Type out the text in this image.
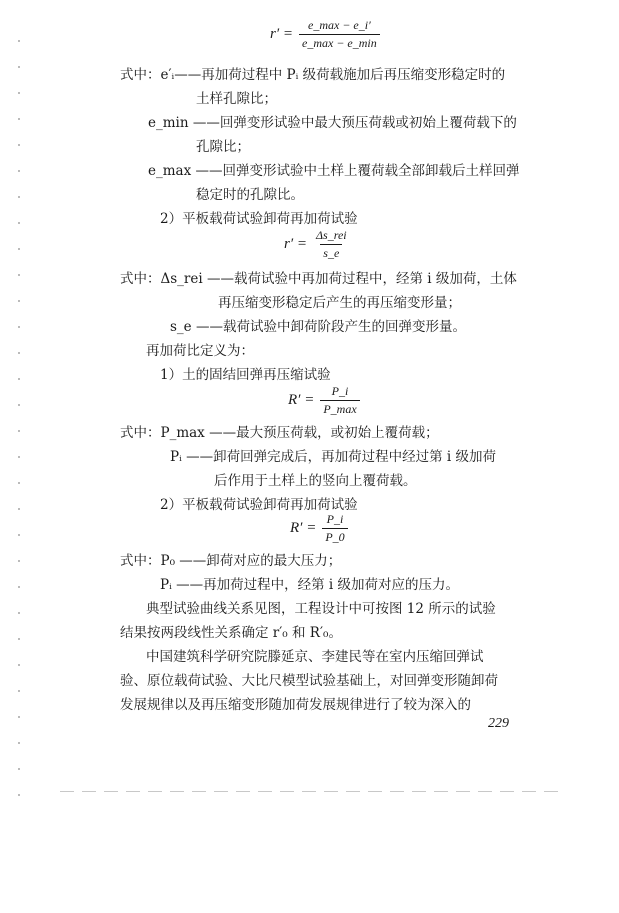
$r' = \frac{e\_\max - e\_i'}{e\_\max - e\_\min}$
式中：e′ᵢ——再加荷过程中 Pᵢ 级荷载施加后再压缩变形稳定时的
土样孔隙比；
e_min ——回弹变形试验中最大预压荷载或初始上覆荷载下的
孔隙比；
e_max ——回弹变形试验中土样上覆荷载全部卸载后土样回弹
稳定时的孔隙比。
2）平板载荷试验卸荷再加荷试验
$r' = \frac{\text{Δs\_rei}}{s\_e}$
式中：Δs_rei ——载荷试验中再加荷过程中，经第 i 级加荷，土体
再压缩变形稳定后产生的再压缩变形量；
s_e ——载荷试验中卸荷阶段产生的回弹变形量。
再加荷比定义为：
1）土的固结回弹再压缩试验
$R' = \frac{P\_i}{P\_\max}$
式中：P_max ——最大预压荷载，或初始上覆荷载；
Pᵢ ——卸荷回弹完成后，再加荷过程中经过第 i 级加荷
后作用于土样上的竖向上覆荷载。
2）平板载荷试验卸荷再加荷试验
$R' = \frac{P\_i}{P\_0}$
式中：P₀ ——卸荷对应的最大压力；
Pᵢ ——再加荷过程中，经第 i 级加荷对应的压力。
典型试验曲线关系见图，工程设计中可按图 12 所示的试验
结果按两段线性关系确定 r′₀ 和 R′₀。
中国建筑科学研究院滕延京、李建民等在室内压缩回弹试
验、原位载荷试验、大比尺模型试验基础上，对回弹变形随卸荷
发展规律以及再压缩变形随加荷发展规律进行了较为深入的
229
